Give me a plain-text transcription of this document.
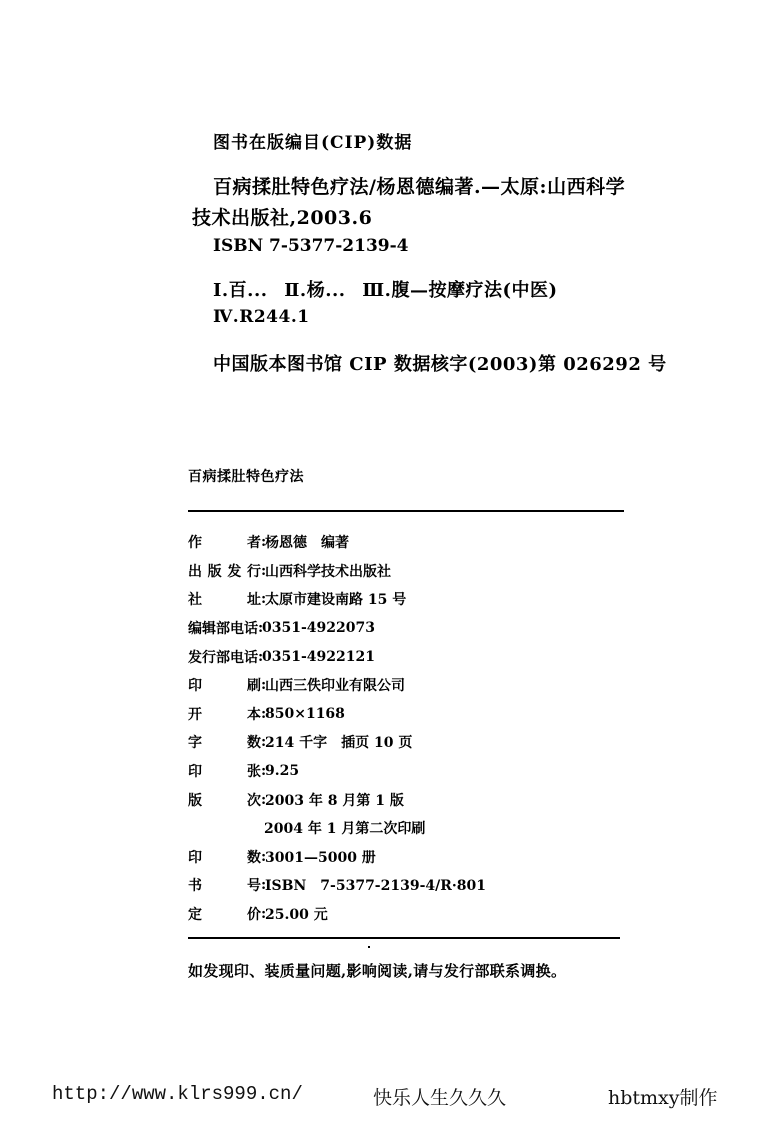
图书在版编目(CIP)数据
百病揉肚特色疗法/杨恩德编著.—太原:山西科学
技术出版社,2003.6
ISBN 7-5377-2139-4
Ⅰ.百... Ⅱ.杨... Ⅲ.腹—按摩疗法(中医)
Ⅳ.R244.1
中国版本图书馆 CIP 数据核字(2003)第 026292 号
百病揉肚特色疗法
作　　者 :
杨恩德　编著
出版发行 :
山西科学技术出版社
社　　址 :
太原市建设南路 15 号
编辑部电话 :
0351-4922073
发行部电话 :
0351-4922121
印　　刷 :
山西三佚印业有限公司
开　　本 :
850×1168
字　　数 :
214 千字　插页 10 页
印　　张 :
9.25
版　　次 :
2003 年 8 月第 1 版
2004 年 1 月第二次印刷
印　　数 :
3001—5000 册
书　　号 :
ISBN　7-5377-2139-4/R·801
定　　价 :
25.00 元
如发现印、装质量问题,影响阅读,请与发行部联系调换。
http://www.klrs999.cn/	快乐人生久久久	hbtmxy制作
